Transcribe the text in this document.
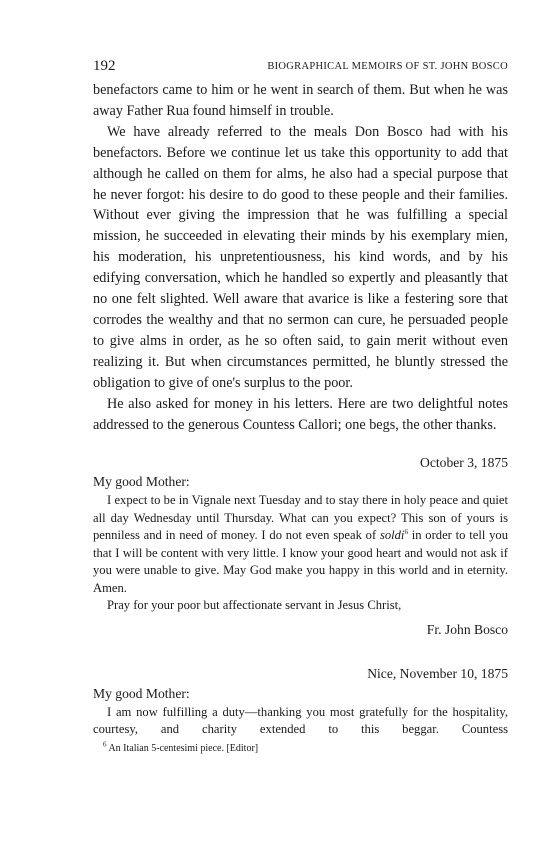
192	BIOGRAPHICAL MEMOIRS OF ST. JOHN BOSCO

benefactors came to him or he went in search of them. But when he was away Father Rua found himself in trouble.

We have already referred to the meals Don Bosco had with his benefactors. Before we continue let us take this opportunity to add that although he called on them for alms, he also had a special purpose that he never forgot: his desire to do good to these people and their families. Without ever giving the impression that he was fulfilling a special mission, he succeeded in elevating their minds by his exemplary mien, his moderation, his unpretentiousness, his kind words, and by his edifying conversation, which he handled so expertly and pleasantly that no one felt slighted. Well aware that avarice is like a festering sore that corrodes the wealthy and that no sermon can cure, he persuaded people to give alms in order, as he so often said, to gain merit without even realizing it. But when circumstances permitted, he bluntly stressed the obligation to give of one's surplus to the poor.

He also asked for money in his letters. Here are two delightful notes addressed to the generous Countess Callori; one begs, the other thanks.

October 3, 1875

My good Mother:

I expect to be in Vignale next Tuesday and to stay there in holy peace and quiet all day Wednesday until Thursday. What can you expect? This son of yours is penniless and in need of money. I do not even speak of soldi$^6$ in order to tell you that I will be content with very little. I know your good heart and would not ask if you were unable to give. May God make you happy in this world and in eternity. Amen.

Pray for your poor but affectionate servant in Jesus Christ,

Fr. John Bosco

Nice, November 10, 1875

My good Mother:

I am now fulfilling a duty—thanking you most gratefully for the hospitality, courtesy, and charity extended to this beggar. Countess

$^6$ An Italian 5-centesimi piece. [Editor]
